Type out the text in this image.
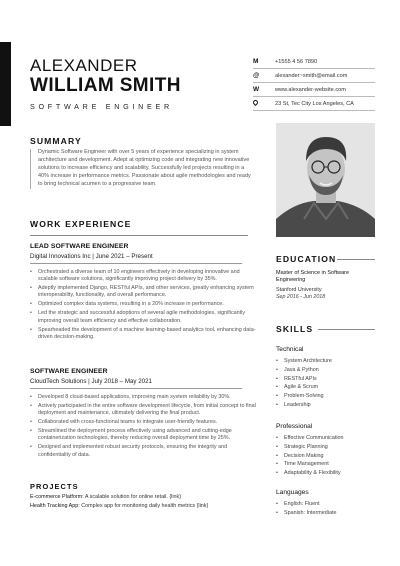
ALEXANDER
WILLIAM SMITH
SOFTWARE ENGINEER
M	+1555 4 56 7890
@	alexander~smith@email.com
W	www.alexander-website.com
23 St, Tec City Los Angeles, CA
SUMMARY

Dynamic Software Engineer with over 5 years of experience specializing in system architecture and development. Adept at optimizing code and integrating new innovative solutions to increase efficiency and scalability. Successfully led projects resulting in a 40% increase in performance metrics. Passionate about agile methodologies and ready to bring technical acumen to a progressive team.

WORK EXPERIENCE
LEAD SOFTWARE ENGINEER
Digital Innovations Inc | June 2021 – Present
• Orchestrated a diverse team of 10 engineers effectively in developing innovative and scalable software solutions, significantly improving project delivery by 35%.
• Adeptly implemented Django, RESTful APIs, and other services, greatly enhancing system interoperability, functionality, and overall performance.
• Optimized complex data systems, resulting in a 20% increase in performance.
• Led the strategic and successful adoptions of several agile methodologies, significantly improving overall team efficiency and effective collaboration.
• Spearheaded the development of a machine learning-based analytics tool, enhancing data-driven decision-making.
SOFTWARE ENGINEER
CloudTech Solutions | July 2018 – May 2021
• Developed 8 cloud-based applications, improving main system reliability by 30%.
• Actively participated in the entire software development lifecycle, from initial concept to final deployment and maintenance, ultimately delivering the final product.
• Collaborated with cross-functional teams to integrate user-friendly features.
• Streamlined the deployment process effectively using advanced and cutting-edge containerization technologies, thereby reducing overall deployment time by 25%.
• Designed and implemented robust security protocols, ensuring the integrity and confidentiality of data.
PROJECTS
E-commerce Platform: A scalable solution for online retail. {link}
Health Tracking App: Complex app for monitoring daily health metrics {link}
EDUCATION
Master of Science in Software Engineering
Stanford University
Sep 2016 - Jun 2018
SKILLS
Technical
• System Architecture
• Java & Python
• RESTful APIs
• Agile & Scrum
• Problem-Solving
• Leadership
Professional
• Effective Communication
• Strategic Planning
• Decision Making
• Time Management
• Adaptability & Flexibility
Languages
• English: Fluent
• Spanish: Intermediate
